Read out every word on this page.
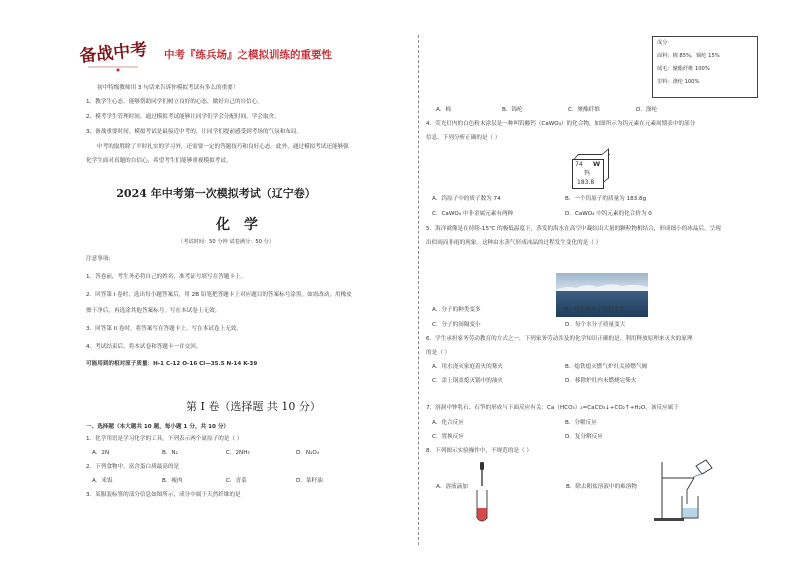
备战中考 中考『练兵场』之模拟训练的重要性
初中特级教师用 3 句话来告诉你模拟考试有多么的重要！
1、教学生心态。能够帮助同学们树立良好的心态，做好自己的自信心。
2、模考学生管理时间。通过模拟考试能够让同学们学会分配时间，学会取舍。
3、备战重要时间。模拟考试是最接近中考的，让同学们提前感受到考场的气氛和布局。
中考的取胜除了平时扎实的学习外，还需要一定的答题技巧和良好心态。此外，通过模拟考试还能够强
化学生面对真题的自信心，希望考生们能够重视模拟考试。
2024 年中考第一次模拟考试（辽宁卷）
化学
（考试时间：50 分钟 试卷满分：50 分）
注意事项：
1．答卷前，考生务必将自己的姓名、准考证号填写在答题卡上。
2．回答第 I 卷时，选出每小题答案后，用 2B 铅笔把答题卡上对应题目的答案标号涂黑。如需改动，用橡皮
擦干净后，再选涂其他答案标号。写在本试卷上无效。
3．回答第 II 卷时，将答案写在答题卡上。写在本试卷上无效。
4．考试结束后，将本试卷和答题卡一并交回。
可能用到的相对原子质量：H-1 C-12 O-16 Cl—35.5 N-14 K-39
第 I 卷（选择题 共 10 分）
一、选择题（本大题共 10 题，每小题 1 分，共 10 分）
1．化学用语是学习化学的工具。下列表示两个氮原子的是（ ）
A．2N	B．N₂	C．2NH₃	D．N₂O₄
2．下列食物中，富含蛋白质最高的是
A．米饭	B．瘦肉	C．青菜	D．菜籽油
3．某服装标签的部分信息如图所示，成分中属于天然纤维的是
成分
面料：棉 85%，锦纶 15%
绒毛：聚酯纤维 100%
里料：涤纶 100%
A．棉	B．锦纶	C．聚酯纤维	D．涤纶
4．荧光灯内的白色粉末涂层是一种叫钨酸钙（CaWO₄）的化合物，如图所示为钨元素在元素周期表中的部分
信息。下列分析正确的是（ ）
74 W
钨
183.8
A．钨原子中的质子数为 74	B．一个钨原子的质量为 183.8g
C．CaWO₄ 中非金属元素有两种	D．CaWO₄ 中钨元素的化合价为 0
5．海洋就像是在持续-15℃ 的极低温度下，蒸发的海水在高空中凝结出大量的颗粒物相结合，形成细小的冰晶后，呈现
出似雨而非雨的现象。这种由水蒸气形成冰晶的过程发生变化的是（ ）
A．分子的种类变多	B．每个水分子体积变大
C．分子的间隔变小	D．每个水分子质量变大
6．学生承担家务劳动教育的方式之一，下列家务劳动涉及的化学知识正确的是，利用释放原理来灭火的原理
的是（ ）
A．用水浇灭家庭着火的篝火	B．熄铁熄灭燃气炉灶关掉燃气阀
C．盖上锅盖熄灭锅中的油火	D．移除炉灶内未燃烧完柴火
7．溶洞中钟乳石、石笋的形成与下面反应有关：Ca（HCO₃）₂=CaCO₃↓+CO₂↑+H₂O，该反应属于
A．化合反应	B．分解反应
C．置换反应	D．复分解反应
8．下列图示实验操作中，不规范的是（ ）
A．溶液滴加	B．除去粗盐溶液中的难溶物
